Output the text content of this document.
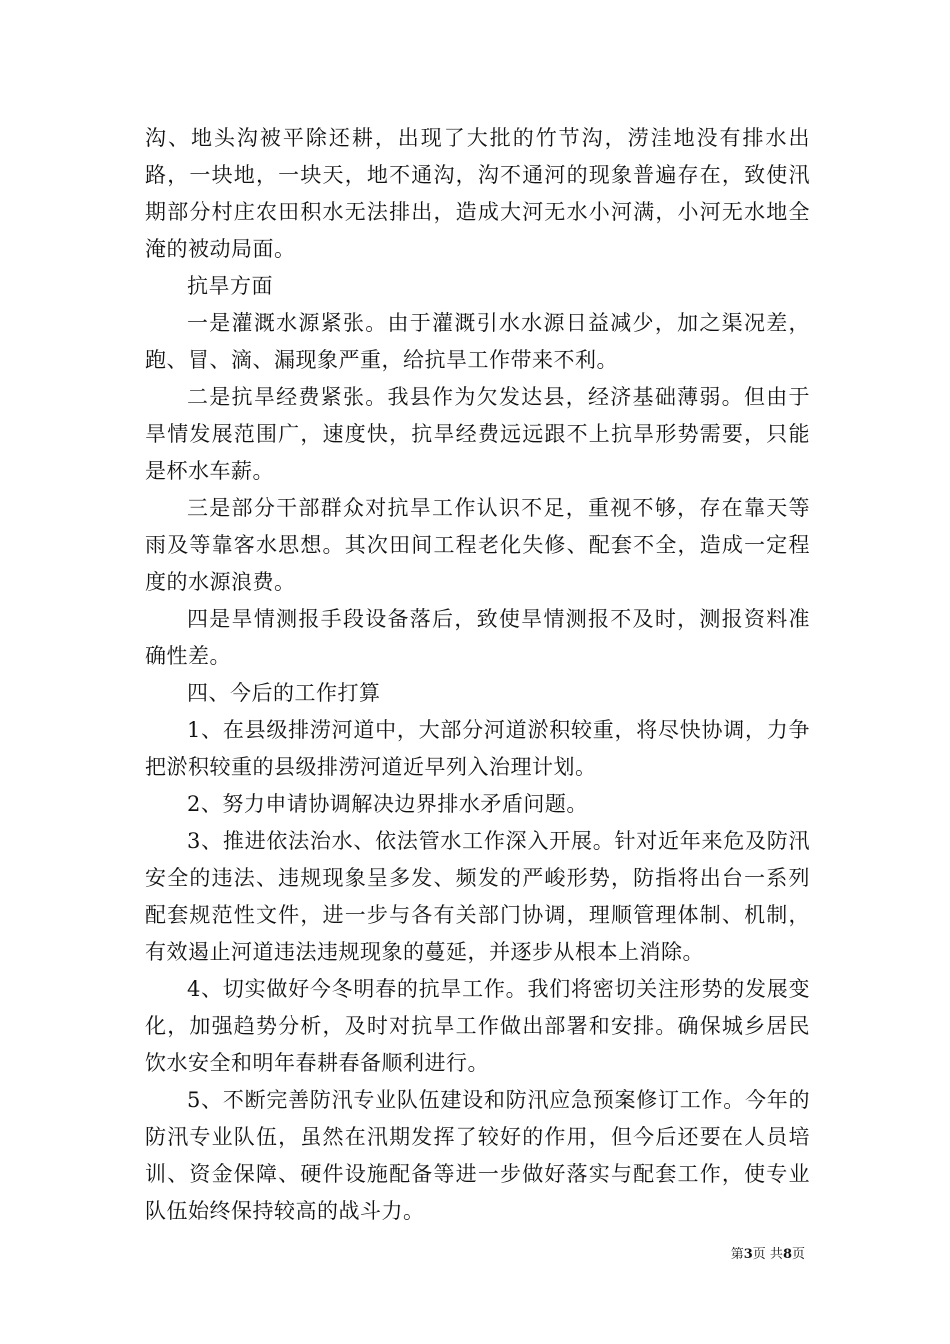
沟、地头沟被平除还耕，出现了大批的竹节沟，涝洼地没有排水出路，一块地，一块天，地不通沟，沟不通河的现象普遍存在，致使汛期部分村庄农田积水无法排出，造成大河无水小河满，小河无水地全淹的被动局面。

抗旱方面

一是灌溉水源紧张。由于灌溉引水水源日益减少，加之渠况差，跑、冒、滴、漏现象严重，给抗旱工作带来不利。

二是抗旱经费紧张。我县作为欠发达县，经济基础薄弱。但由于旱情发展范围广，速度快，抗旱经费远远跟不上抗旱形势需要，只能是杯水车薪。

三是部分干部群众对抗旱工作认识不足，重视不够，存在靠天等雨及等靠客水思想。其次田间工程老化失修、配套不全，造成一定程度的水源浪费。

四是旱情测报手段设备落后，致使旱情测报不及时，测报资料准确性差。

四、今后的工作打算

1、在县级排涝河道中，大部分河道淤积较重，将尽快协调，力争把淤积较重的县级排涝河道近早列入治理计划。

2、努力申请协调解决边界排水矛盾问题。

3、推进依法治水、依法管水工作深入开展。针对近年来危及防汛安全的违法、违规现象呈多发、频发的严峻形势，防指将出台一系列配套规范性文件，进一步与各有关部门协调，理顺管理体制、机制，有效遏止河道违法违规现象的蔓延，并逐步从根本上消除。

4、切实做好今冬明春的抗旱工作。我们将密切关注形势的发展变化，加强趋势分析，及时对抗旱工作做出部署和安排。确保城乡居民饮水安全和明年春耕春备顺利进行。

5、不断完善防汛专业队伍建设和防汛应急预案修订工作。今年的防汛专业队伍，虽然在汛期发挥了较好的作用，但今后还要在人员培训、资金保障、硬件设施配备等进一步做好落实与配套工作，使专业队伍始终保持较高的战斗力。

第3页 共8页
